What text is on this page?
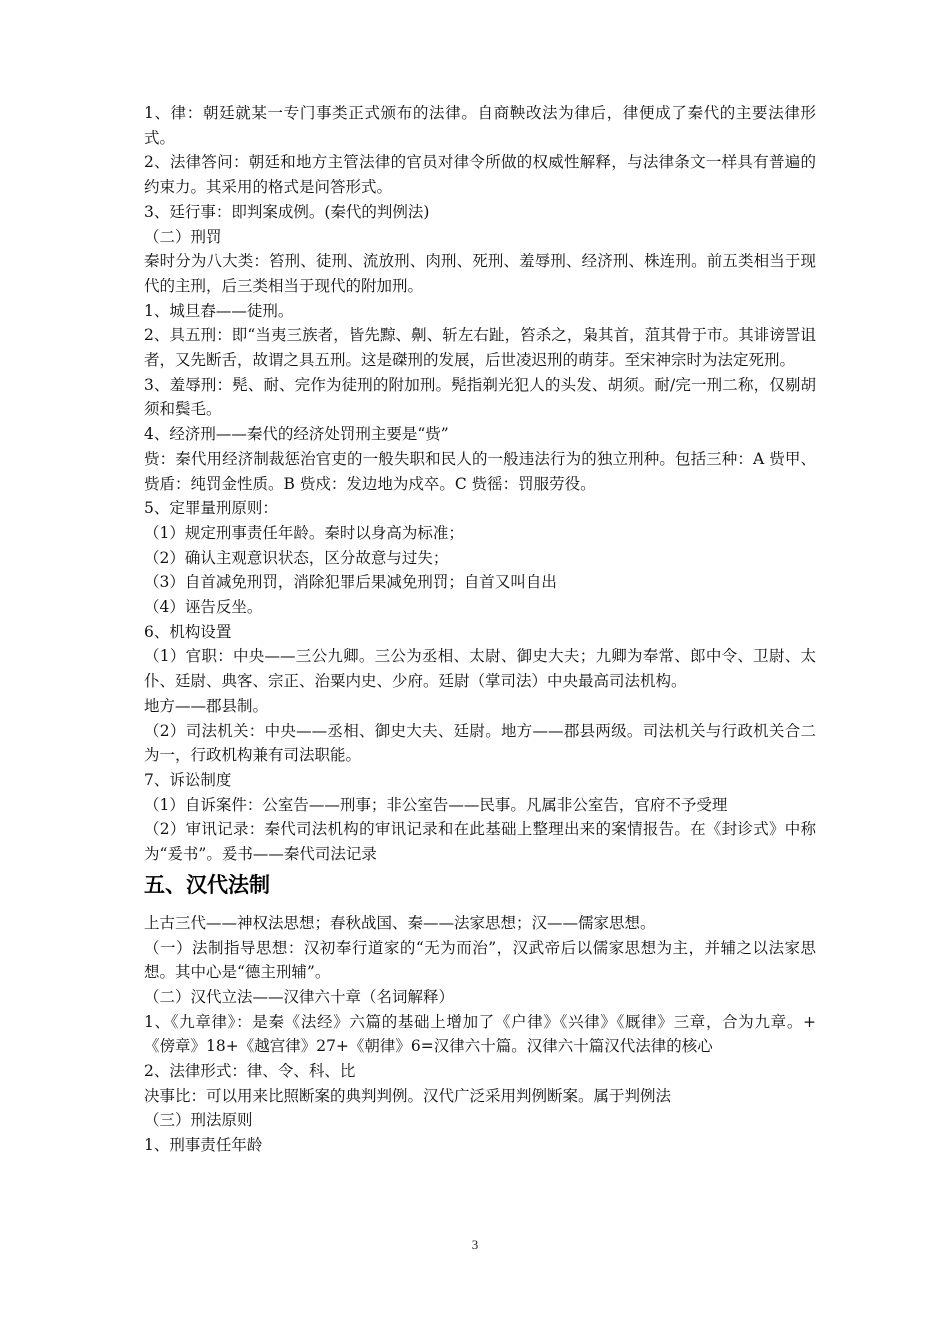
1、律：朝廷就某一专门事类正式颁布的法律。自商鞅改法为律后，律便成了秦代的主要法律形式。
2、法律答问：朝廷和地方主管法律的官员对律令所做的权威性解释，与法律条文一样具有普遍的约束力。其采用的格式是问答形式。
3、廷行事：即判案成例。(秦代的判例法)
（二）刑罚
秦时分为八大类：笞刑、徒刑、流放刑、肉刑、死刑、羞辱刑、经济刑、株连刑。前五类相当于现代的主刑，后三类相当于现代的附加刑。
1、城旦舂——徒刑。
2、具五刑：即“当夷三族者，皆先黥、劓、斩左右趾，笞杀之，枭其首，菹其骨于市。其诽谤詈诅者，又先断舌，故谓之具五刑。这是磔刑的发展，后世凌迟刑的萌芽。至宋神宗时为法定死刑。
3、羞辱刑：髡、耐、完作为徒刑的附加刑。髡指剃光犯人的头发、胡须。耐/完一刑二称，仅剔胡须和鬓毛。
4、经济刑——秦代的经济处罚刑主要是“赀”
赀：秦代用经济制裁惩治官吏的一般失职和民人的一般违法行为的独立刑种。包括三种：A 赀甲、赀盾：纯罚金性质。B 赀戍：发边地为戍卒。C 赀徭：罚服劳役。
5、定罪量刑原则：
（1）规定刑事责任年龄。秦时以身高为标准；
（2）确认主观意识状态，区分故意与过失；
（3）自首减免刑罚，消除犯罪后果减免刑罚；自首又叫自出
（4）诬告反坐。
6、机构设置
（1）官职：中央——三公九卿。三公为丞相、太尉、御史大夫；九卿为奉常、郎中令、卫尉、太仆、廷尉、典客、宗正、治粟内史、少府。廷尉（掌司法）中央最高司法机构。
地方——郡县制。
（2）司法机关：中央——丞相、御史大夫、廷尉。地方——郡县两级。司法机关与行政机关合二为一，行政机构兼有司法职能。
7、诉讼制度
（1）自诉案件：公室告——刑事；非公室告——民事。凡属非公室告，官府不予受理
（2）审讯记录：秦代司法机构的审讯记录和在此基础上整理出来的案情报告。在《封诊式》中称为“爰书”。爰书——秦代司法记录
五、汉代法制
上古三代——神权法思想；春秋战国、秦——法家思想；汉——儒家思想。
（一）法制指导思想：汉初奉行道家的“无为而治”，汉武帝后以儒家思想为主，并辅之以法家思想。其中心是“德主刑辅”。
（二）汉代立法——汉律六十章（名词解释）
1、《九章律》：是秦《法经》六篇的基础上增加了《户律》《兴律》《厩律》三章，合为九章。+《傍章》18+《越宫律》27+《朝律》6=汉律六十篇。汉律六十篇汉代法律的核心
2、法律形式：律、令、科、比
决事比：可以用来比照断案的典判判例。汉代广泛采用判例断案。属于判例法
（三）刑法原则
1、刑事责任年龄
3
